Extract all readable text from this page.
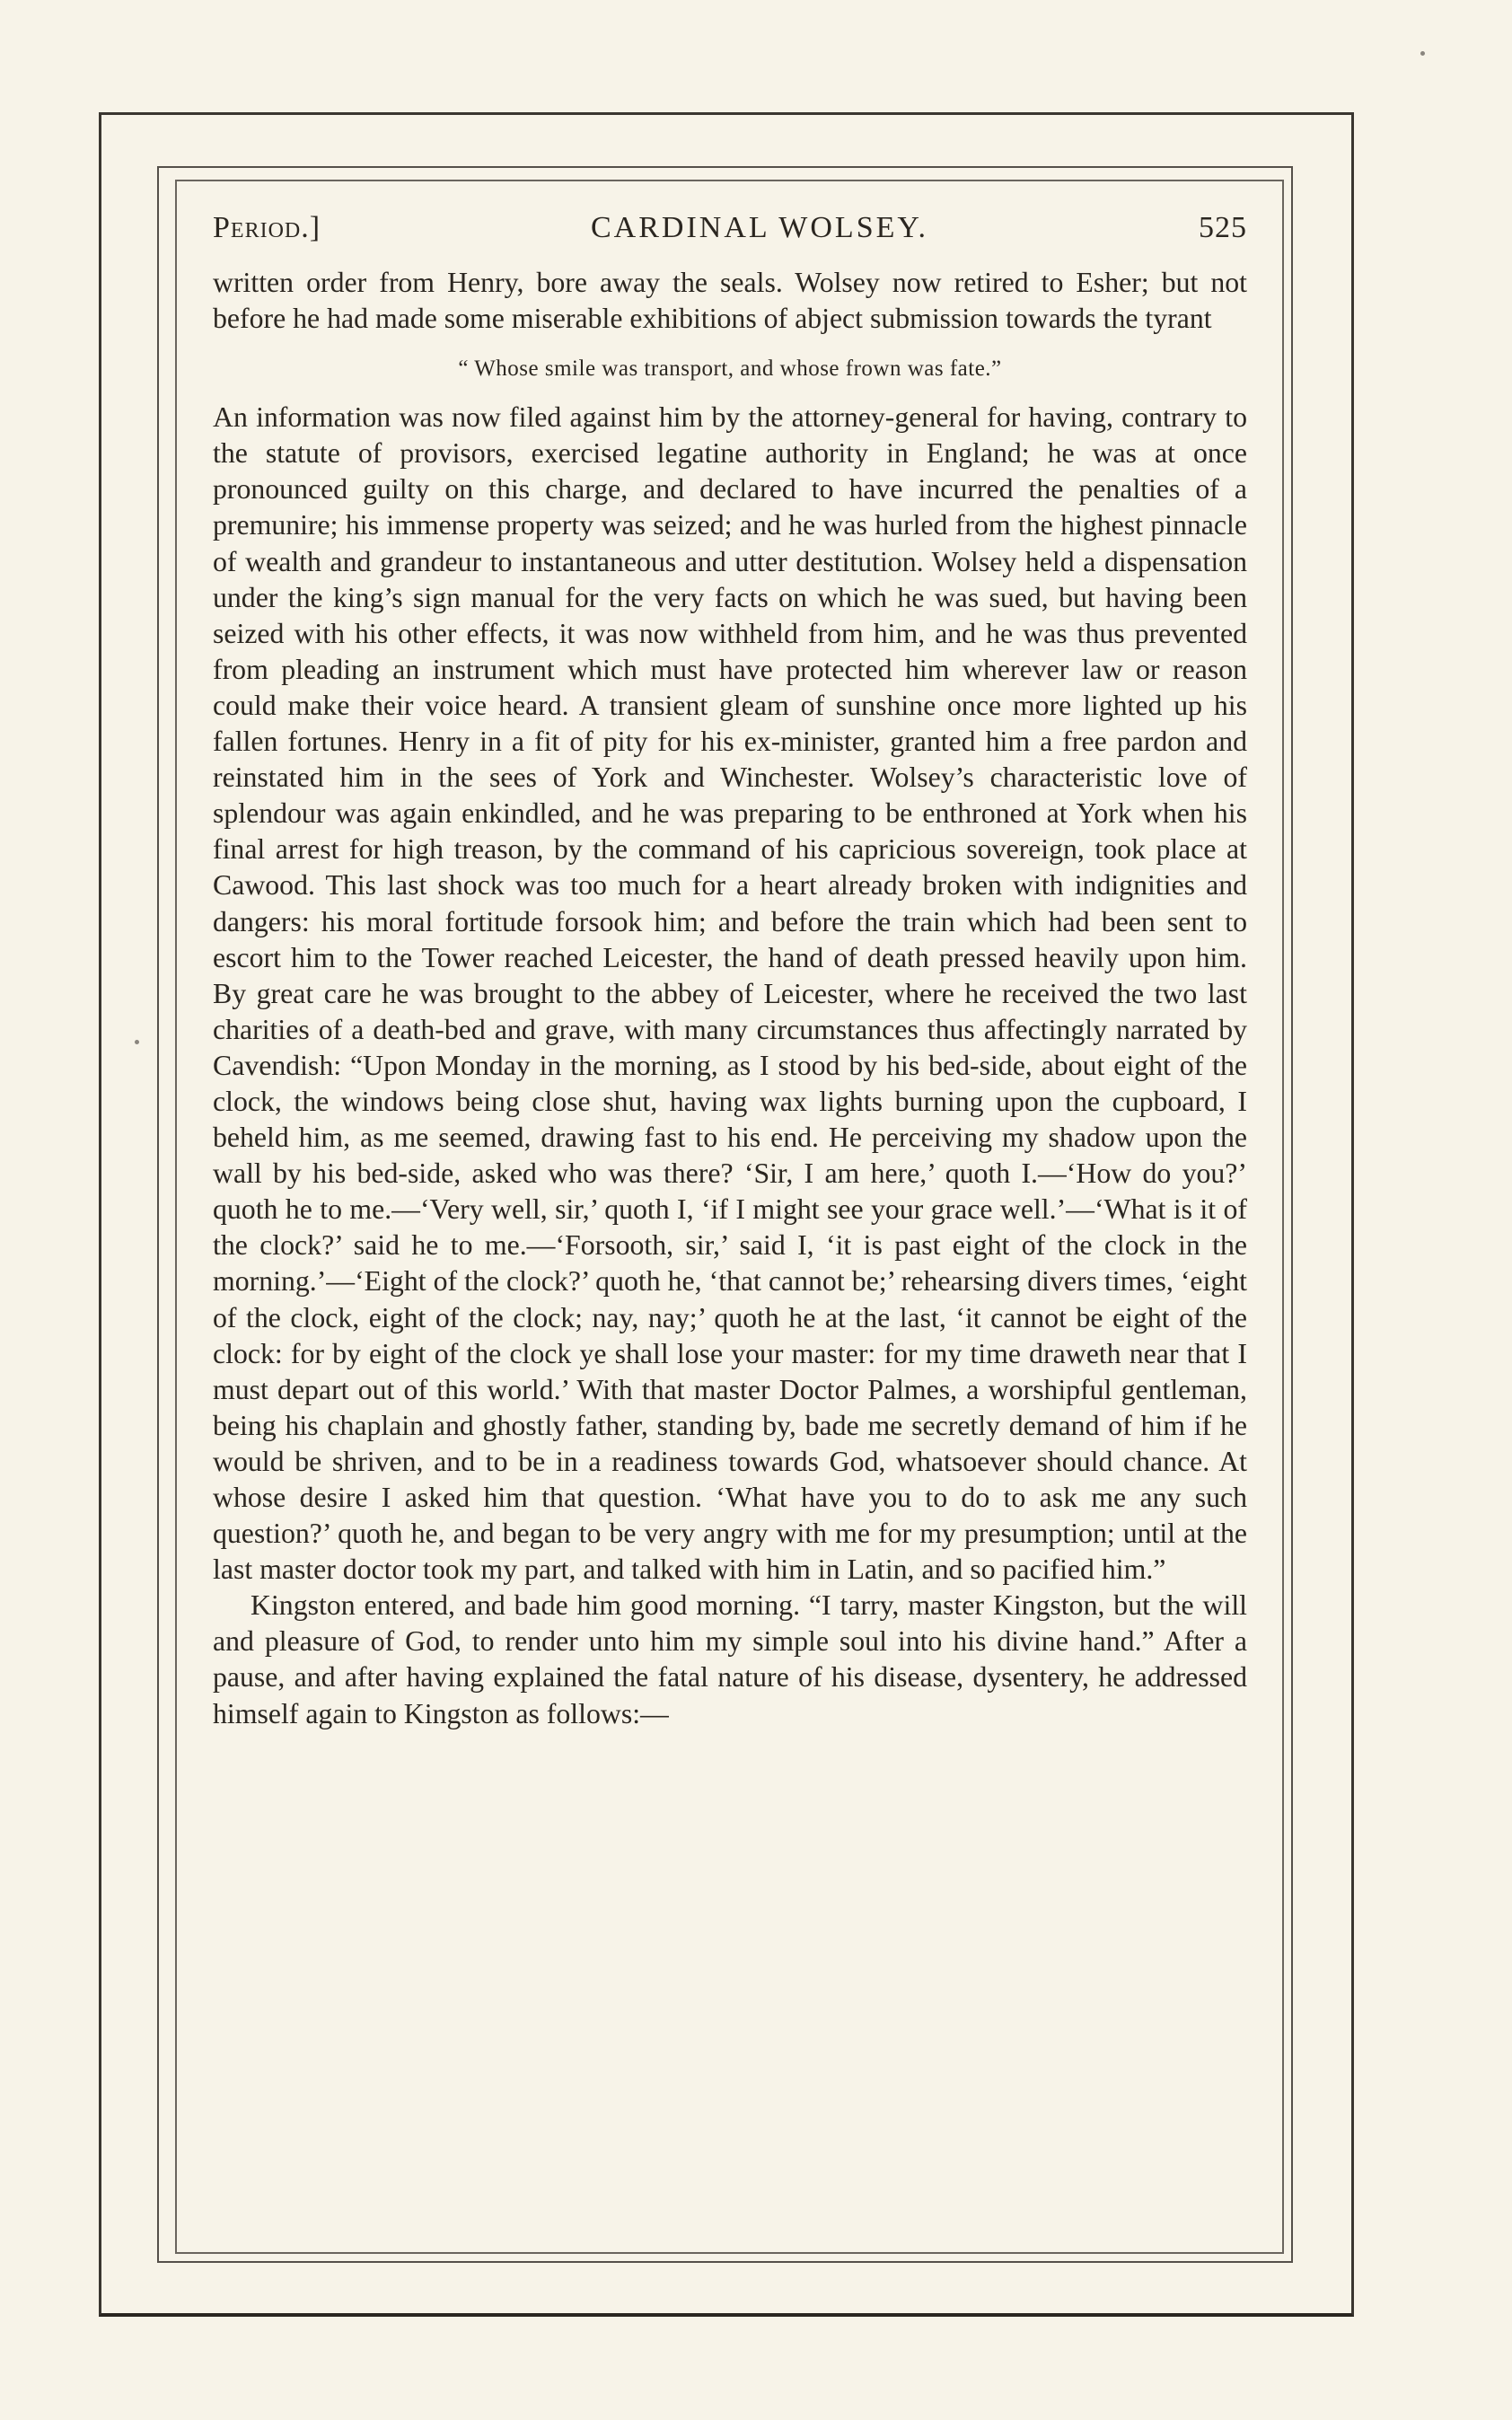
Period.]	CARDINAL WOLSEY.	525

written order from Henry, bore away the seals. Wolsey now retired to Esher; but not before he had made some miserable exhibitions of abject submission towards the tyrant

“ Whose smile was transport, and whose frown was fate.”

An information was now filed against him by the attorney-general for having, contrary to the statute of provisors, exercised legatine authority in England; he was at once pronounced guilty on this charge, and declared to have incurred the penalties of a premunire; his immense property was seized; and he was hurled from the highest pinnacle of wealth and grandeur to instantaneous and utter destitution. Wolsey held a dispensation under the king’s sign manual for the very facts on which he was sued, but having been seized with his other effects, it was now withheld from him, and he was thus prevented from pleading an instrument which must have protected him wherever law or reason could make their voice heard. A transient gleam of sunshine once more lighted up his fallen fortunes. Henry in a fit of pity for his ex-minister, granted him a free pardon and reinstated him in the sees of York and Winchester. Wolsey’s characteristic love of splendour was again enkindled, and he was preparing to be enthroned at York when his final arrest for high treason, by the command of his capricious sovereign, took place at Cawood. This last shock was too much for a heart already broken with indignities and dangers: his moral fortitude forsook him; and before the train which had been sent to escort him to the Tower reached Leicester, the hand of death pressed heavily upon him. By great care he was brought to the abbey of Leicester, where he received the two last charities of a death-bed and grave, with many circumstances thus affectingly narrated by Cavendish: “Upon Monday in the morning, as I stood by his bed-side, about eight of the clock, the windows being close shut, having wax lights burning upon the cupboard, I beheld him, as me seemed, drawing fast to his end. He perceiving my shadow upon the wall by his bed-side, asked who was there? ‘Sir, I am here,’ quoth I.—‘How do you?’ quoth he to me.—‘Very well, sir,’ quoth I, ‘if I might see your grace well.’—‘What is it of the clock?’ said he to me.—‘Forsooth, sir,’ said I, ‘it is past eight of the clock in the morning.’—‘Eight of the clock?’ quoth he, ‘that cannot be;’ rehearsing divers times, ‘eight of the clock, eight of the clock; nay, nay;’ quoth he at the last, ‘it cannot be eight of the clock: for by eight of the clock ye shall lose your master: for my time draweth near that I must depart out of this world.’ With that master Doctor Palmes, a worshipful gentleman, being his chaplain and ghostly father, standing by, bade me secretly demand of him if he would be shriven, and to be in a readiness towards God, whatsoever should chance. At whose desire I asked him that question. ‘What have you to do to ask me any such question?’ quoth he, and began to be very angry with me for my presumption; until at the last master doctor took my part, and talked with him in Latin, and so pacified him.”

Kingston entered, and bade him good morning. “I tarry, master Kingston, but the will and pleasure of God, to render unto him my simple soul into his divine hand.” After a pause, and after having explained the fatal nature of his disease, dysentery, he addressed himself again to Kingston as follows:—
